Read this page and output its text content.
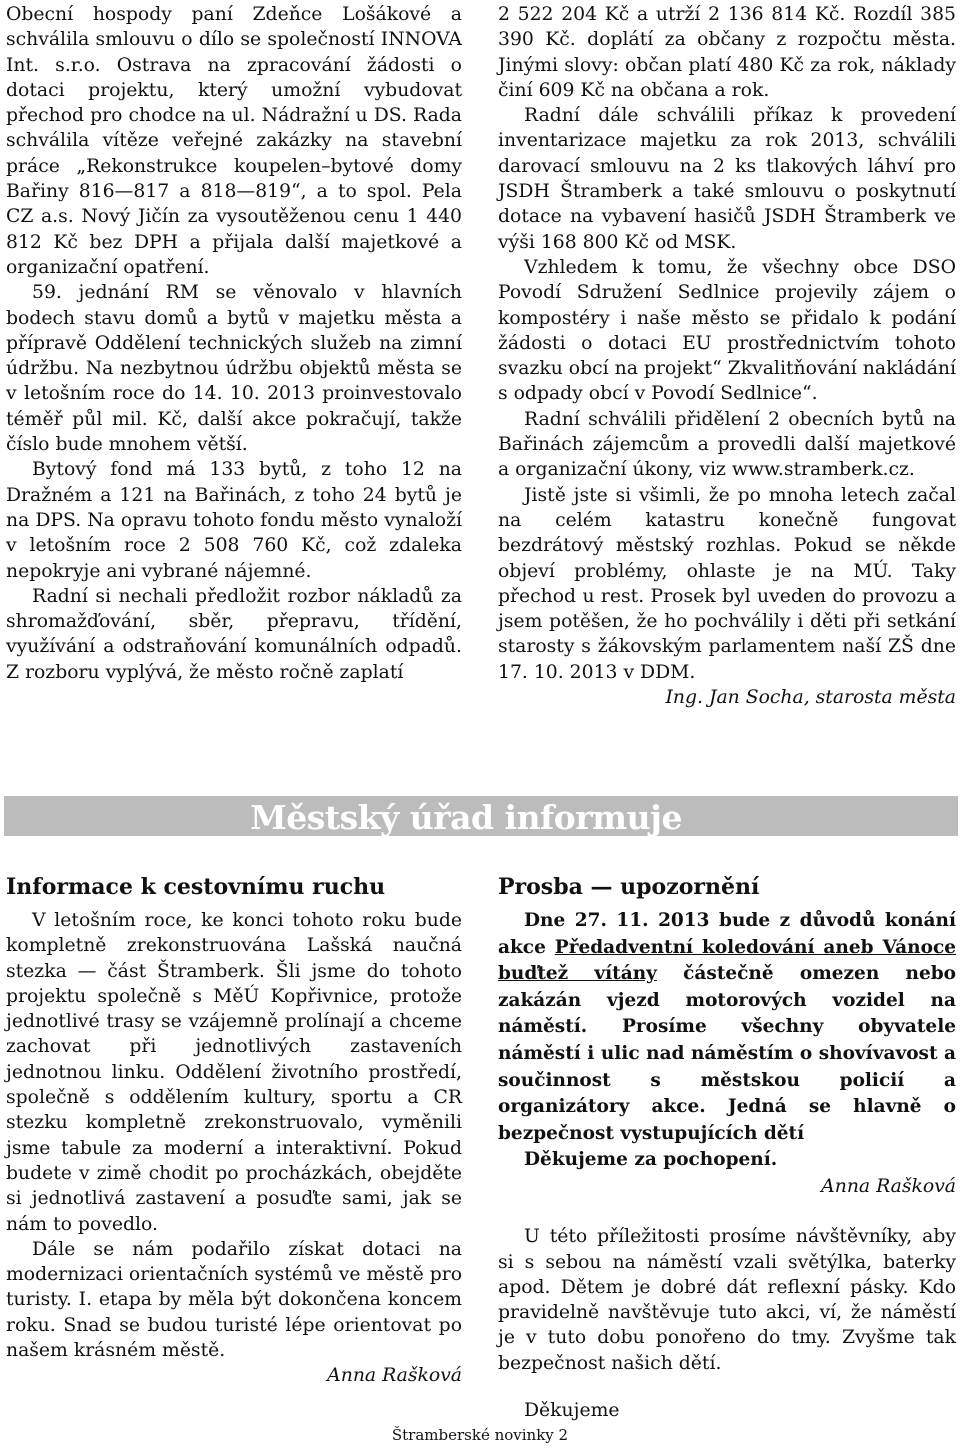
Obecní hospody paní Zdeňce Lošákové a schválila smlouvu o dílo se společností INNOVA Int. s.r.o. Ostrava na zpracování žádosti o dotaci projektu, který umožní vybudovat přechod pro chodce na ul. Nádražní u DS. Rada schválila vítěze veřejné zakázky na stavební práce „Rekonstrukce koupelen–bytové domy Bařiny 816—817 a 818—819“, a to spol. Pela CZ a.s. Nový Jičín za vysoutěženou cenu 1 440 812 Kč bez DPH a přijala další majetkové a organizační opatření.

59. jednání RM se věnovalo v hlavních bodech stavu domů a bytů v majetku města a přípravě Oddělení technických služeb na zimní údržbu. Na nezbytnou údržbu objektů města se v letošním roce do 14. 10. 2013 proinvestovalo téměř půl mil. Kč, další akce pokračují, takže číslo bude mnohem větší.

Bytový fond má 133 bytů, z toho 12 na Dražném a 121 na Bařinách, z toho 24 bytů je na DPS. Na opravu tohoto fondu město vynaloží v letošním roce 2 508 760 Kč, což zdaleka nepokryje ani vybrané nájemné.

Radní si nechali předložit rozbor nákladů za shromažďování, sběr, přepravu, třídění, využívání a odstraňování komunálních odpadů. Z rozboru vyplývá, že město ročně zaplatí

2 522 204 Kč a utrží 2 136 814 Kč. Rozdíl 385 390 Kč. doplátí za občany z rozpočtu města. Jinými slovy: občan platí 480 Kč za rok, náklady činí 609 Kč na občana a rok.

Radní dále schválili příkaz k provedení inventarizace majetku za rok 2013, schválili darovací smlouvu na 2 ks tlakových láhví pro JSDH Štramberk a také smlouvu o poskytnutí dotace na vybavení hasičů JSDH Štramberk ve výši 168 800 Kč od MSK.

Vzhledem k tomu, že všechny obce DSO Povodí Sdružení Sedlnice projevily zájem o kompostéry i naše město se přidalo k podání žádosti o dotaci EU prostřednictvím tohoto svazku obcí na projekt“ Zkvalitňování nakládání s odpady obcí v Povodí Sedlnice“.

Radní schválili přidělení 2 obecních bytů na Bařinách zájemcům a provedli další majetkové a organizační úkony, viz www.stramberk.cz.

Jistě jste si všimli, že po mnoha letech začal na celém katastru konečně fungovat bezdrátový městský rozhlas. Pokud se někde objeví problémy, ohlaste je na MÚ. Taky přechod u rest. Prosek byl uveden do provozu a jsem potěšen, že ho pochválily i děti při setkání starosty s žákovským parlamentem naší ZŠ dne 17. 10. 2013 v DDM.

Ing. Jan Socha, starosta města

Městský úřad informuje
Informace k cestovnímu ruchu

V letošním roce, ke konci tohoto roku bude kompletně zrekonstruována Lašská naučná stezka — část Štramberk. Šli jsme do tohoto projektu společně s MěÚ Kopřivnice, protože jednotlivé trasy se vzájemně prolínají a chceme zachovat při jednotlivých zastaveních jednotnou linku. Oddělení životního prostředí, společně s oddělením kultury, sportu a CR stezku kompletně zrekonstruovalo, vyměnili jsme tabule za moderní a interaktivní. Pokud budete v zimě chodit po procházkách, obejděte si jednotlivá zastavení a posuďte sami, jak se nám to povedlo.

Dále se nám podařilo získat dotaci na modernizaci orientačních systémů ve městě pro turisty. I. etapa by měla být dokončena koncem roku. Snad se budou turisté lépe orientovat po našem krásném městě.

Anna Rašková

Prosba — upozornění

Dne 27. 11. 2013 bude z důvodů konání akce Předadventní koledování aneb Vánoce buďtež vítány částečně omezen nebo zakázán vjezd motorových vozidel na náměstí. Prosíme všechny obyvatele náměstí i ulic nad náměstím o shovívavost a součinnost s městskou policií a organizátory akce. Jedná se hlavně o bezpečnost vystupujících dětí

Děkujeme za pochopení.

Anna Rašková

U této příležitosti prosíme návštěvníky, aby si s sebou na náměstí vzali světýlka, baterky apod. Dětem je dobré dát reflexní pásky. Kdo pravidelně navštěvuje tuto akci, ví, že náměstí je v tuto dobu ponořeno do tmy. Zvyšme tak bezpečnost našich dětí.

Děkujeme

Štramberské novinky 2
